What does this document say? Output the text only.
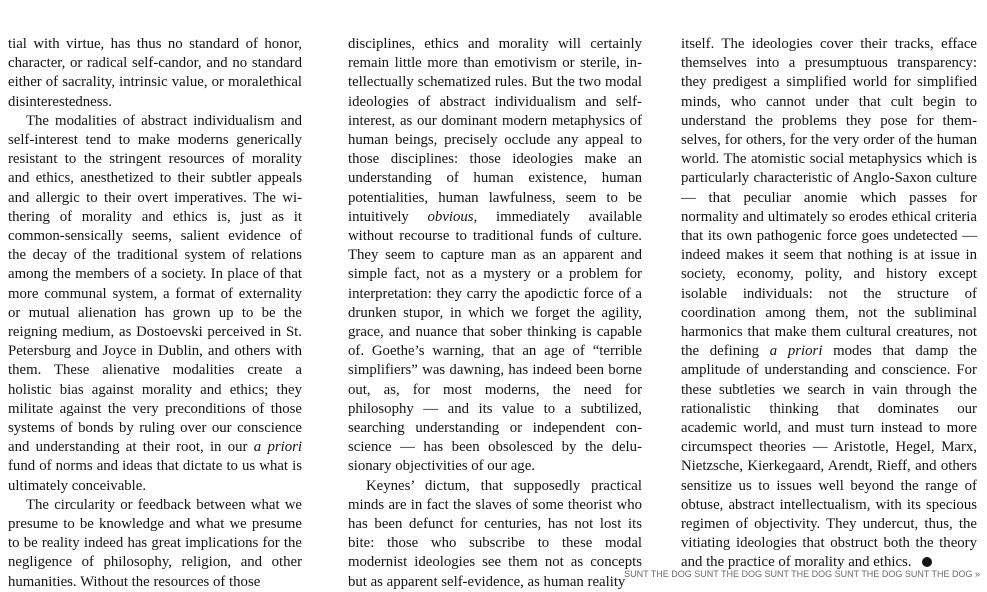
tial with virtue, has thus no standard of honor, character, or radical self-candor, and no standard either of sacrality, intrinsic value, or moralethical disinterestedness.

The modalities of abstract individualism and self-interest tend to make moderns generically resistant to the stringent resources of morality and ethics, anesthetized to their subtler appeals and allergic to their overt imperatives. The withering of morality and ethics is, just as it common-sensically seems, salient evidence of the decay of the traditional system of relations among the members of a society. In place of that more communal system, a format of externality or mutual alienation has grown up to be the reigning medium, as Dostoevski perceived in St. Petersburg and Joyce in Dublin, and others with them. These alienative modalities create a holistic bias against morality and ethics; they militate against the very preconditions of those systems of bonds by ruling over our conscience and understanding at their root, in our a priori fund of norms and ideas that dictate to us what is ultimately conceivable.

The circularity or feedback between what we presume to be knowledge and what we presume to be reality indeed has great implications for the negligence of philosophy, religion, and other humanities. Without the resources of those

disciplines, ethics and morality will certainly remain little more than emotivism or sterile, intellectually schematized rules. But the two modal ideologies of abstract individualism and self-interest, as our dominant modern metaphysics of human beings, precisely occlude any appeal to those disciplines: those ideologies make an understanding of human existence, human potentialities, human lawfulness, seem to be intuitively obvious, immediately available without recourse to traditional funds of culture. They seem to capture man as an apparent and simple fact, not as a mystery or a problem for interpretation: they carry the apodictic force of a drunken stupor, in which we forget the agility, grace, and nuance that sober thinking is capable of. Goethe’s warning, that an age of “terrible simplifiers” was dawning, has indeed been borne out, as, for most moderns, the need for philosophy — and its value to a subtilized, searching understanding or independent conscience — has been obsolesced by the delusionary objectivities of our age.

Keynes’ dictum, that supposedly practical minds are in fact the slaves of some theorist who has been defunct for centuries, has not lost its bite: those who subscribe to these modal modernist ideologies see them not as concepts but as apparent self-evidence, as human reality

itself. The ideologies cover their tracks, efface themselves into a presumptuous transparency: they predigest a simplified world for simplified minds, who cannot under that cult begin to understand the problems they pose for themselves, for others, for the very order of the human world. The atomistic social metaphysics which is particularly characteristic of Anglo-Saxon culture — that peculiar anomie which passes for normality and ultimately so erodes ethical criteria that its own pathogenic force goes undetected — indeed makes it seem that nothing is at issue in society, economy, polity, and history except isolable individuals: not the structure of coordination among them, not the subliminal harmonics that make them cultural creatures, not the defining a priori modes that damp the amplitude of understanding and conscience. For these subtleties we search in vain through the rationalistic thinking that dominates our academic world, and must turn instead to more circumspect theories — Aristotle, Hegel, Marx, Nietzsche, Kierkegaard, Arendt, Rieff, and others sensitize us to issues well beyond the range of obtuse, abstract intellectualism, with its specious regimen of objectivity. They undercut, thus, the vitiating ideologies that obstruct both the theory and the practice of morality and ethics.

SUNT THE DOG SUNT THE DOG SUNT THE DOG SUNT THE DOG SUNT THE DOG »
